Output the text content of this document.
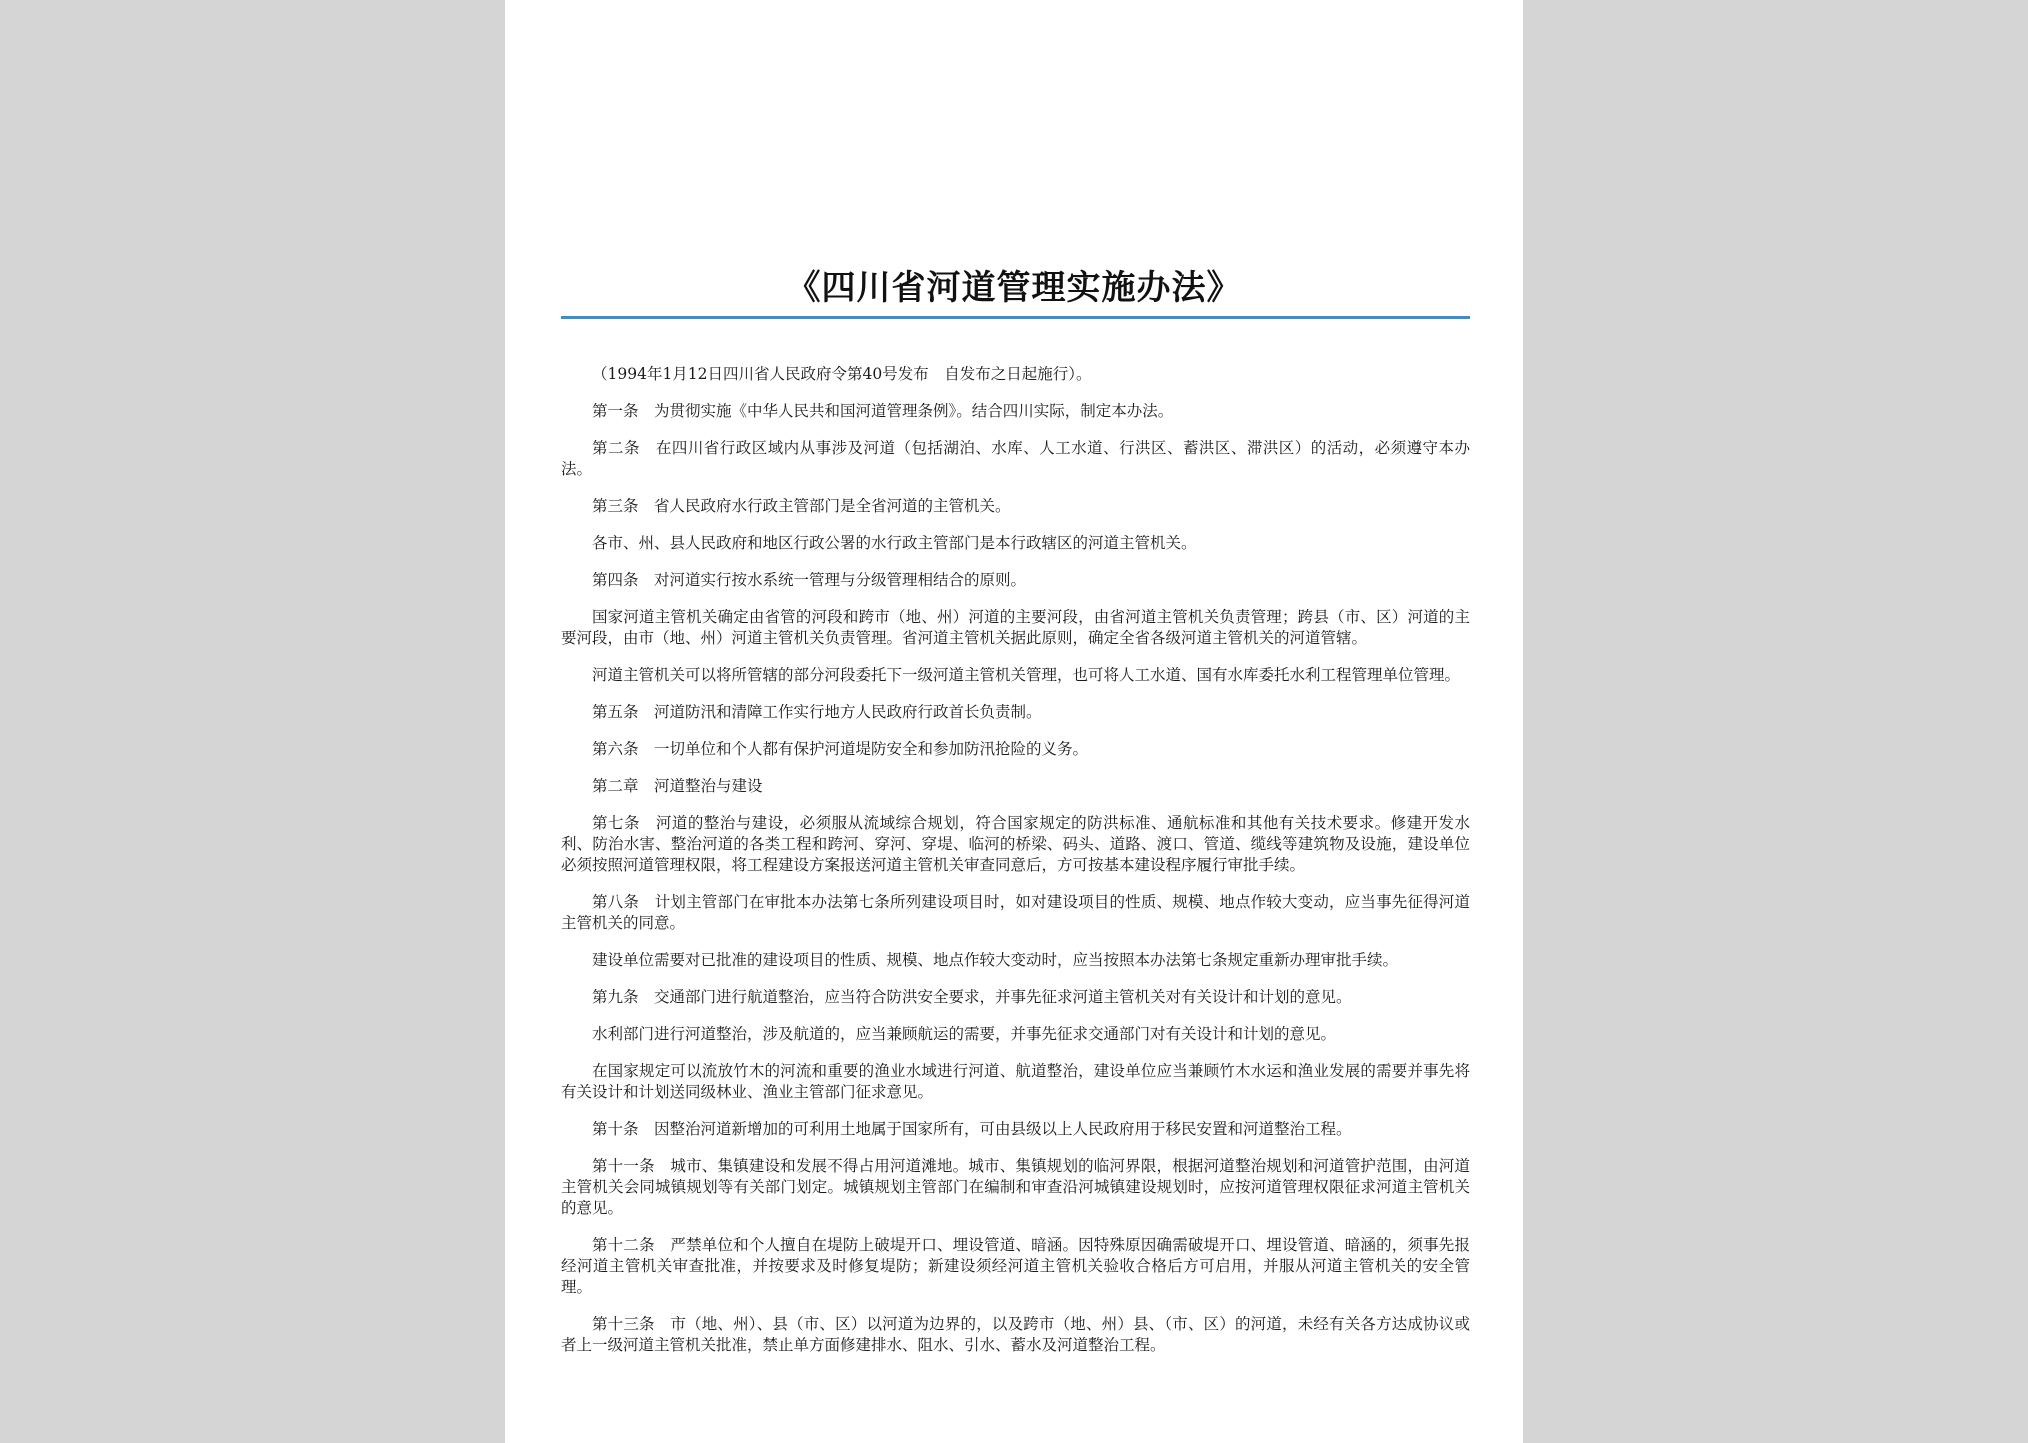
《四川省河道管理实施办法》

（1994年1月12日四川省人民政府令第40号发布　自发布之日起施行）。

第一条　为贯彻实施《中华人民共和国河道管理条例》。结合四川实际，制定本办法。

第二条　在四川省行政区域内从事涉及河道（包括湖泊、水库、人工水道、行洪区、蓄洪区、滞洪区）的活动，必须遵守本办法。

第三条　省人民政府水行政主管部门是全省河道的主管机关。

各市、州、县人民政府和地区行政公署的水行政主管部门是本行政辖区的河道主管机关。

第四条　对河道实行按水系统一管理与分级管理相结合的原则。

国家河道主管机关确定由省管的河段和跨市（地、州）河道的主要河段，由省河道主管机关负责管理；跨县（市、区）河道的主要河段，由市（地、州）河道主管机关负责管理。省河道主管机关据此原则，确定全省各级河道主管机关的河道管辖。

河道主管机关可以将所管辖的部分河段委托下一级河道主管机关管理，也可将人工水道、国有水库委托水利工程管理单位管理。

第五条　河道防汛和清障工作实行地方人民政府行政首长负责制。

第六条　一切单位和个人都有保护河道堤防安全和参加防汛抢险的义务。

第二章　河道整治与建设

第七条　河道的整治与建设，必须服从流域综合规划，符合国家规定的防洪标准、通航标准和其他有关技术要求。修建开发水利、防治水害、整治河道的各类工程和跨河、穿河、穿堤、临河的桥梁、码头、道路、渡口、管道、缆线等建筑物及设施，建设单位必须按照河道管理权限，将工程建设方案报送河道主管机关审查同意后，方可按基本建设程序履行审批手续。

第八条　计划主管部门在审批本办法第七条所列建设项目时，如对建设项目的性质、规模、地点作较大变动，应当事先征得河道主管机关的同意。

建设单位需要对已批准的建设项目的性质、规模、地点作较大变动时，应当按照本办法第七条规定重新办理审批手续。

第九条　交通部门进行航道整治，应当符合防洪安全要求，并事先征求河道主管机关对有关设计和计划的意见。

水利部门进行河道整治，涉及航道的，应当兼顾航运的需要，并事先征求交通部门对有关设计和计划的意见。

在国家规定可以流放竹木的河流和重要的渔业水域进行河道、航道整治，建设单位应当兼顾竹木水运和渔业发展的需要并事先将有关设计和计划送同级林业、渔业主管部门征求意见。

第十条　因整治河道新增加的可利用土地属于国家所有，可由县级以上人民政府用于移民安置和河道整治工程。

第十一条　城市、集镇建设和发展不得占用河道滩地。城市、集镇规划的临河界限，根据河道整治规划和河道管护范围，由河道主管机关会同城镇规划等有关部门划定。城镇规划主管部门在编制和审查沿河城镇建设规划时，应按河道管理权限征求河道主管机关的意见。

第十二条　严禁单位和个人擅自在堤防上破堤开口、埋设管道、暗涵。因特殊原因确需破堤开口、埋设管道、暗涵的，须事先报经河道主管机关审查批准，并按要求及时修复堤防；新建设须经河道主管机关验收合格后方可启用，并服从河道主管机关的安全管理。

第十三条　市（地、州）、县（市、区）以河道为边界的，以及跨市（地、州）县、（市、区）的河道，未经有关各方达成协议或者上一级河道主管机关批准，禁止单方面修建排水、阻水、引水、蓄水及河道整治工程。
